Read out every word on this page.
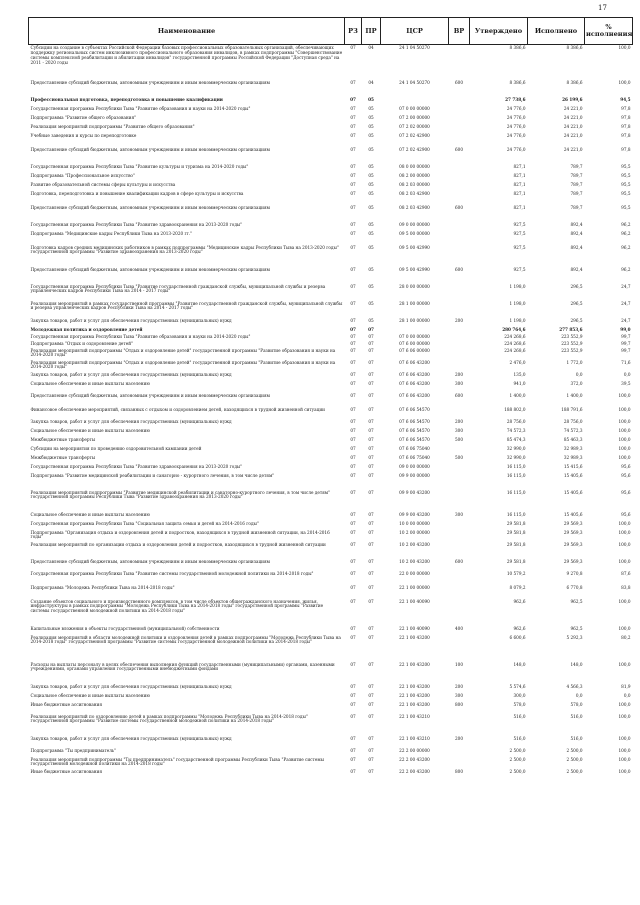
17
Наименование	РЗ	ПР	ЦСР	ВР	Утверждено	Исполнено	% исполнения
Субсидии на создание в субъектах Российской Федерации базовых профессиональных образовательных организаций, обеспечивающих поддержку региональных систем инклюзивного профессионального образования инвалидов, в рамках подпрограммы "Совершенствование системы комплексной реабилитации и абилитации инвалидов" государственной программы Российской Федерации "Доступная среда" на 2011 - 2020 годы	07	04	24 1 04 50270		8 386,6	8 386,6	100,0
Предоставление субсидий бюджетным, автономным учреждениям и иным некоммерческим организациям	07	04	24 1 04 50270	600	8 386,6	8 386,6	100,0
Профессиональная подготовка, переподготовка и повышение квалификации	07	05			27 738,6	26 199,6	94,5
Государственная программа Республики Тыва "Развитие образования и науки на 2014-2020 годы"	07	05	07 0 00 00000		24 776,0	24 221,0	97,8
Подпрограмма "Развитие общего образования"	07	05	07 2 00 00000		24 776,0	24 221,0	97,8
Реализация мероприятий подпрограммы "Развитие общего образования"	07	05	07 2 02 00000		24 776,0	24 221,0	97,8
Учебные заведения и курсы по переподготовке	07	05	07 2 02 42900		24 776,0	24 221,0	97,8
Предоставление субсидий бюджетным, автономным учреждениям и иным некоммерческим организациям	07	05	07 2 02 42900	600	24 776,0	24 221,0	97,8
Государственная программа Республики Тыва "Развитие культуры и туризма на 2014-2020 годы"	07	05	08 0 00 00000		827,1	789,7	95,5
Подпрограмма "Профессиональное искусство"	07	05	08 2 00 00000		827,1	789,7	95,5
Развитие образовательной системы сферы культуры и искусства	07	05	08 2 03 00000		827,1	789,7	95,5
Подготовка, переподготовка и повышение квалификации кадров в сфере культуры и искусства	07	05	08 2 03 42900		827,1	789,7	95,5
Предоставление субсидий бюджетным, автономным учреждениям и иным некоммерческим организациям	07	05	08 2 03 42900	600	827,1	789,7	95,5
Государственная программа Республики Тыва "Развитие здравоохранения на 2013-2020 годы"	07	05	09 0 00 00000		927,5	892,4	96,2
Подпрограмма "Медицинские кадры Республики Тыва на 2013-2020 гг."	07	05	09 5 00 00000		927,5	892,4	96,2
Подготовка кадров средних медицинских работников в рамках подпрограммы "Медицинские кадры Республики Тыва на 2013-2020 годы" государственной программы "Развитие здравоохранения на 2013-2020 годы"	07	05	09 5 00 42990		927,5	892,4	96,2
Предоставление субсидий бюджетным, автономным учреждениям и иным некоммерческим организациям	07	05	09 5 00 42990	600	927,5	892,4	96,2
Государственная программа Республики Тыва "Развитие государственной гражданской службы, муниципальной службы и резерва управленческих кадров Республики Тыва на 2014 - 2017 годы"	07	05	28 0 00 00000		1 198,0	296,5	24,7
Реализация мероприятий в рамках государственной программы "Развитие государственной гражданской службы, муниципальной службы и резерва управленческих кадров Республики Тыва на 2014 - 2017 годы"	07	05	28 1 00 00000		1 198,0	296,5	24,7
Закупка товаров, работ и услуг для обеспечения государственных (муниципальных) нужд	07	05	28 1 00 00000	200	1 198,0	296,5	24,7
Молодежная политика и оздоровление детей	07	07			280 764,6	277 853,6	99,0
Государственная программа Республики Тыва "Развитие образования и науки на 2014-2020 годы"	07	07	07 0 00 00000		224 268,6	223 552,9	99,7
Подпрограмма "Отдых и оздоровление детей"	07	07	07 6 00 00000		224 268,6	223 552,9	99,7
Реализация мероприятий подпрограммы "Отдых и оздоровление детей" государственной программы "Развитие образования и науки на 2014-2020 годы"	07	07	07 6 06 00000		224 268,6	223 552,9	99,7
Реализация мероприятий подпрограммы "Отдых и оздоровление детей" государственной программы "Развитие образования и науки на 2014-2020 годы"	07	07	07 6 06 43200		2 476,0	1 772,0	71,6
Закупка товаров, работ и услуг для обеспечения государственных (муниципальных) нужд	07	07	07 6 06 43200	200	135,0	0,0	0,0
Социальное обеспечение и иные выплаты населению	07	07	07 6 06 43200	300	941,0	372,0	39,5
Предоставление субсидий бюджетным, автономным учреждениям и иным некоммерческим организациям	07	07	07 6 06 43200	600	1 400,0	1 400,0	100,0
Финансовое обеспечение мероприятий, связанных с отдыхом и оздоровлением детей, находящихся в трудной жизненной ситуации	07	07	07 6 06 54570		188 802,0	188 791,6	100,0
Закупка товаров, работ и услуг для обеспечения государственных (муниципальных) нужд	07	07	07 6 06 54570	200	28 756,0	28 756,0	100,0
Социальное обеспечение и иные выплаты населению	07	07	07 6 06 54570	300	74 572,3	74 572,3	100,0
Межбюджетные трансферты	07	07	07 6 06 54570	500	85 474,3	85 463,3	100,0
Субсидии на мероприятия по проведению оздоровительной кампании детей	07	07	07 6 06 75040		32 990,0	32 989,3	100,0
Межбюджетные трансферты	07	07	07 6 06 75040	500	32 990,0	32 989,3	100,0
Государственная программа Республики Тыва "Развитие здравоохранения на 2013-2020 годы"	07	07	09 0 00 00000		16 115,0	15 415,6	95,6
Подпрограмма "Развитие медицинской реабилитации и санаторно - курортного лечения, в том числе детям"	07	07	09 9 00 00000		16 115,0	15 405,6	95,6
Реализация мероприятий подпрограммы "Развитие медицинской реабилитации и санаторно-курортного лечения, в том числе детям" государственной программы Республики Тыва "Развитие здравоохранения на 2013-2020 годы"	07	07	09 9 00 43200		16 115,0	15 405,6	95,6
Социальное обеспечение и иные выплаты населению	07	07	09 9 00 43200	300	16 115,0	15 405,6	95,6
Государственная программа Республики Тыва "Социальная защита семьи и детей на 2014-2016 годы"	07	07	10 0 00 00000		29 581,8	29 569,3	100,0
Подпрограмма "Организация отдыха и оздоровления детей и подростков, находящихся в трудной жизненной ситуации, на 2014-2016 годы"	07	07	10 2 00 00000		29 581,8	29 569,3	100,0
Реализация мероприятий по организации отдыха и оздоровления детей и подростков, находящихся в трудной жизненной ситуации	07	07	10 2 00 43200		29 581,8	29 569,3	100,0
Предоставление субсидий бюджетным, автономным учреждениям и иным некоммерческим организациям	07	07	10 2 00 43200	600	29 581,8	29 569,3	100,0
Государственная программа Республики Тыва "Развитие системы государственной молодежной политики на 2014-2018 годы"	07	07	22 0 00 00000		10 579,2	9 270,8	87,6
Подпрограмма "Молодежь Республики Тыва на 2014-2018 годы"	07	07	22 1 00 00000		8 079,2	6 770,8	83,8
Создание объектов социального и производственного комплексов, в том числе объектов общегражданского назначения, жилья, инфраструктуры в рамках подпрограммы "Молодежь Республики Тыва на 2014-2018 годы" государственной программы "Развитие системы государственной молодежной политики на 2014-2018 годы"	07	07	22 1 00 40090		962,6	962,5	100,0
Капитальные вложения в объекты государственной (муниципальной) собственности	07	07	22 1 00 40090	400	962,6	962,5	100,0
Реализация мероприятий в области молодежной политики и оздоровления детей в рамках подпрограммы "Молодежь Республики Тыва на 2014-2018 годы" государственной программы "Развитие системы государственной молодежной политики на 2014-2018 годы"	07	07	22 1 00 43200		6 600,6	5 292,3	80,2
Расходы на выплаты персоналу в целях обеспечения выполнения функций государственными (муниципальными) органами, казенными учреждениями, органами управления государственными внебюджетными фондами	07	07	22 1 00 43200	100	148,0	148,0	100,0
Закупка товаров, работ и услуг для обеспечения государственных (муниципальных) нужд	07	07	22 1 00 43200	200	5 574,6	4 566,3	81,9
Социальное обеспечение и иные выплаты населению	07	07	22 1 00 43200	300	300,0	0,0	0,0
Иные бюджетные ассигнования	07	07	22 1 00 43200	800	578,0	578,0	100,0
Реализация мероприятий по оздоровлению детей в рамках подпрограммы "Молодежь Республики Тыва на 2014-2018 годы" государственной программы "Развитие системы государственной молодежной политики на 2014-2018 годы"	07	07	22 1 00 43210		516,0	516,0	100,0
Закупка товаров, работ и услуг для обеспечения государственных (муниципальных) нужд	07	07	22 1 00 43210	200	516,0	516,0	100,0
Подпрограмма "Ты предприниматель"	07	07	22 2 00 00000		2 500,0	2 500,0	100,0
Реализация мероприятий подпрограммы "Ты предприниматель" государственной программы Республики Тыва "Развитие системы государственной молодежной политики на 2014-2018 годы"	07	07	22 2 00 43200		2 500,0	2 500,0	100,0
Иные бюджетные ассигнования	07	07	22 2 00 43200	800	2 500,0	2 500,0	100,0
